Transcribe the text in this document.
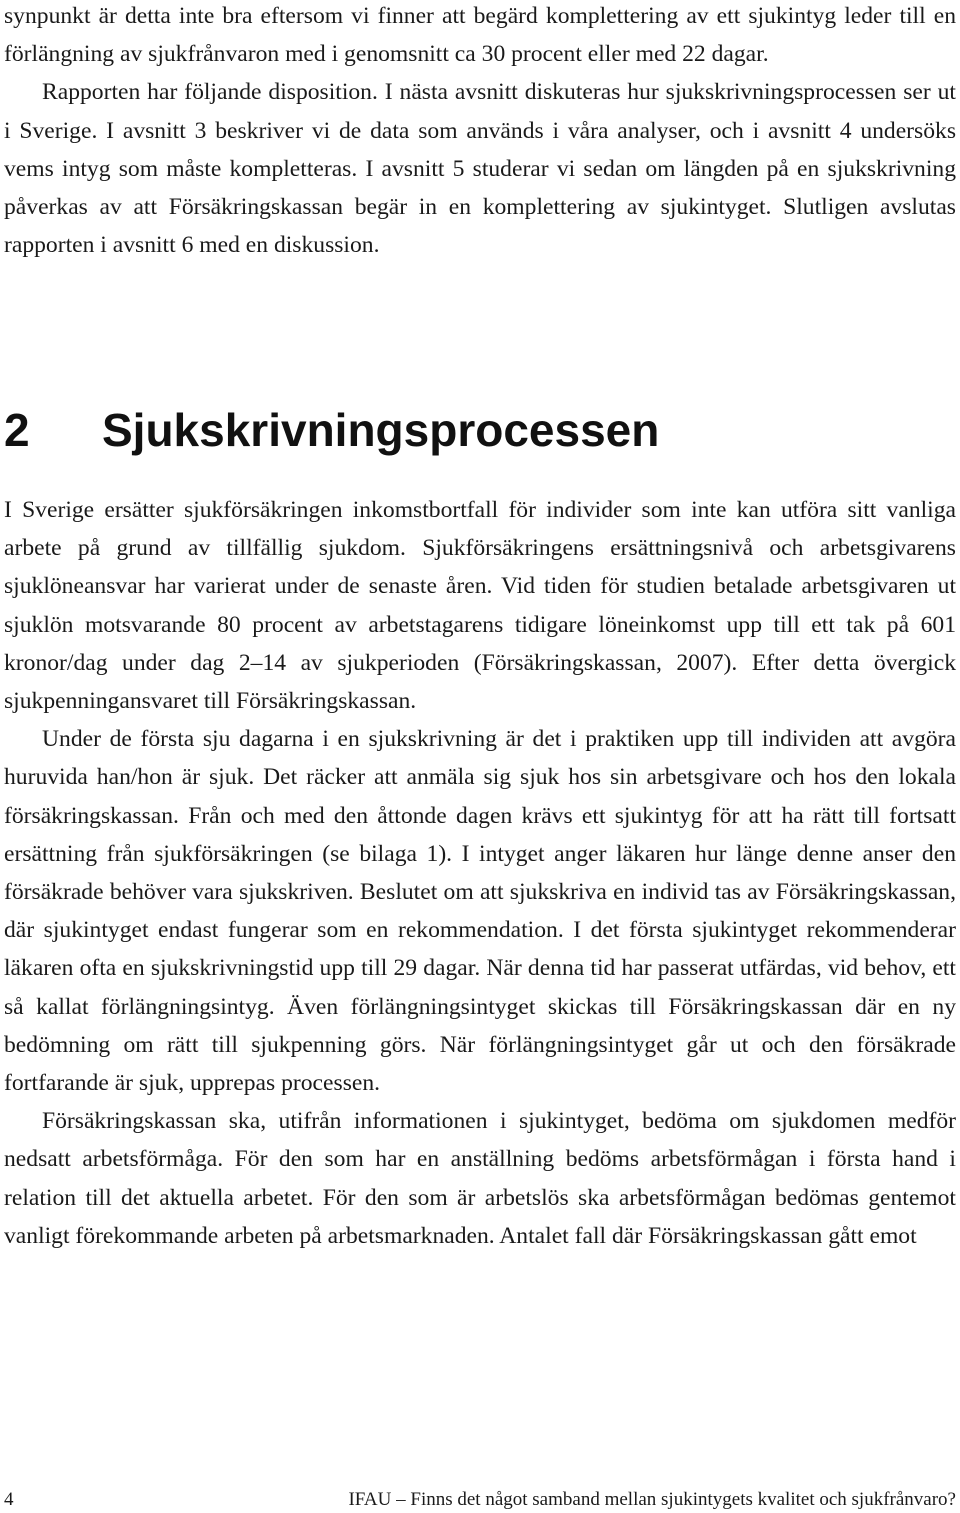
synpunkt är detta inte bra eftersom vi finner att begärd komplettering av ett sjukintyg leder till en förlängning av sjukfrånvaron med i genomsnitt ca 30 procent eller med 22 dagar.

Rapporten har följande disposition. I nästa avsnitt diskuteras hur sjukskrivningsprocessen ser ut i Sverige. I avsnitt 3 beskriver vi de data som används i våra analyser, och i avsnitt 4 undersöks vems intyg som måste kompletteras. I avsnitt 5 studerar vi sedan om längden på en sjukskrivning påverkas av att Försäkringskassan begär in en komplettering av sjukintyget. Slutligen avslutas rapporten i avsnitt 6 med en diskussion.

2 Sjukskrivningsprocessen

I Sverige ersätter sjukförsäkringen inkomstbortfall för individer som inte kan utföra sitt vanliga arbete på grund av tillfällig sjukdom. Sjukförsäkringens ersättningsnivå och arbetsgivarens sjuklöneansvar har varierat under de senaste åren. Vid tiden för studien betalade arbetsgivaren ut sjuklön motsvarande 80 procent av arbetstagarens tidigare löneinkomst upp till ett tak på 601 kronor/dag under dag 2–14 av sjukperioden (Försäkringskassan, 2007). Efter detta övergick sjukpenningansvaret till Försäkringskassan.

Under de första sju dagarna i en sjukskrivning är det i praktiken upp till individen att avgöra huruvida han/hon är sjuk. Det räcker att anmäla sig sjuk hos sin arbetsgivare och hos den lokala försäkringskassan. Från och med den åttonde dagen krävs ett sjukintyg för att ha rätt till fortsatt ersättning från sjukförsäkringen (se bilaga 1). I intyget anger läkaren hur länge denne anser den försäkrade behöver vara sjukskriven. Beslutet om att sjukskriva en individ tas av Försäkringskassan, där sjukintyget endast fungerar som en rekommendation. I det första sjukintyget rekommenderar läkaren ofta en sjukskrivningstid upp till 29 dagar. När denna tid har passerat utfärdas, vid behov, ett så kallat förlängningsintyg. Även förlängningsintyget skickas till Försäkringskassan där en ny bedömning om rätt till sjukpenning görs. När förlängningsintyget går ut och den försäkrade fortfarande är sjuk, upprepas processen.

Försäkringskassan ska, utifrån informationen i sjukintyget, bedöma om sjukdomen medför nedsatt arbetsförmåga. För den som har en anställning bedöms arbetsförmågan i första hand i relation till det aktuella arbetet. För den som är arbetslös ska arbetsförmågan bedömas gentemot vanligt förekommande arbeten på arbetsmarknaden. Antalet fall där Försäkringskassan gått emot

4	IFAU – Finns det något samband mellan sjukintygets kvalitet och sjukfrånvaro?
